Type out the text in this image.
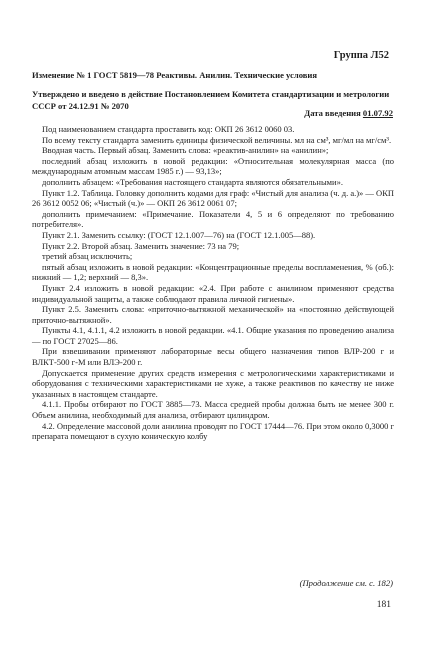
Группа Л52
Изменение № 1 ГОСТ 5819—78 Реактивы. Анилин. Технические условия
Утверждено и введено в действие Постановлением Комитета стандартизации и метрологии СССР от 24.12.91 № 2070
Дата введения 01.07.92

Под наименованием стандарта проставить код: ОКП 26 3612 0060 03.

По всему тексту стандарта заменить единицы физической величины. мл на см³, мг/мл на мг/см³.

Вводная часть. Первый абзац. Заменить слова: «реактив-анилин» на «анилин»;

последний абзац изложить в новой редакции: «Относительная молекулярная масса (по международным атомным массам 1985 г.) — 93,13»;

дополнить абзацем: «Требования настоящего стандарта являются обязательными».

Пункт 1.2. Таблица. Головку дополнить кодами для граф: «Чистый для анализа (ч. д. а.)» — ОКП 26 3612 0052 06; «Чистый (ч.)» — ОКП 26 3612 0061 07;

дополнить примечанием: «Примечание. Показатели 4, 5 и 6 определяют по требованию потребителя».

Пункт 2.1. Заменить ссылку: (ГОСТ 12.1.007—76) на (ГОСТ 12.1.005—88).

Пункт 2.2. Второй абзац. Заменить значение: 73 на 79;

третий абзац исключить;

пятый абзац изложить в новой редакции: «Концентрационные пределы воспламенения, % (об.): нижний — 1,2; верхний — 8,3».

Пункт 2.4 изложить в новой редакции: «2.4. При работе с анилином применяют средства индивидуальной защиты, а также соблюдают правила личной гигиены».

Пункт 2.5. Заменить слова: «приточно-вытяжной механической» на «постоянно действующей приточно-вытяжной».

Пункты 4.1, 4.1.1, 4.2 изложить в новой редакции. «4.1. Общие указания по проведению анализа — по ГОСТ 27025—86.

При взвешивании применяют лабораторные весы общего назначения типов ВЛР-200 г и ВЛКТ-500 г-М или ВЛЭ-200 г.

Допускается применение других средств измерения с метрологическими характеристиками и оборудования с техническими характеристиками не хуже, а также реактивов по качеству не ниже указанных в настоящем стандарте.

4.1.1. Пробы отбирают по ГОСТ 3885—73. Масса средней пробы должна быть не менее 300 г. Объем анилина, необходимый для анализа, отбирают цилиндром.

4.2. Определение массовой доли анилина проводят по ГОСТ 17444—76. При этом около 0,3000 г препарата помещают в сухую коническую колбу

(Продолжение см. с. 182)
181
